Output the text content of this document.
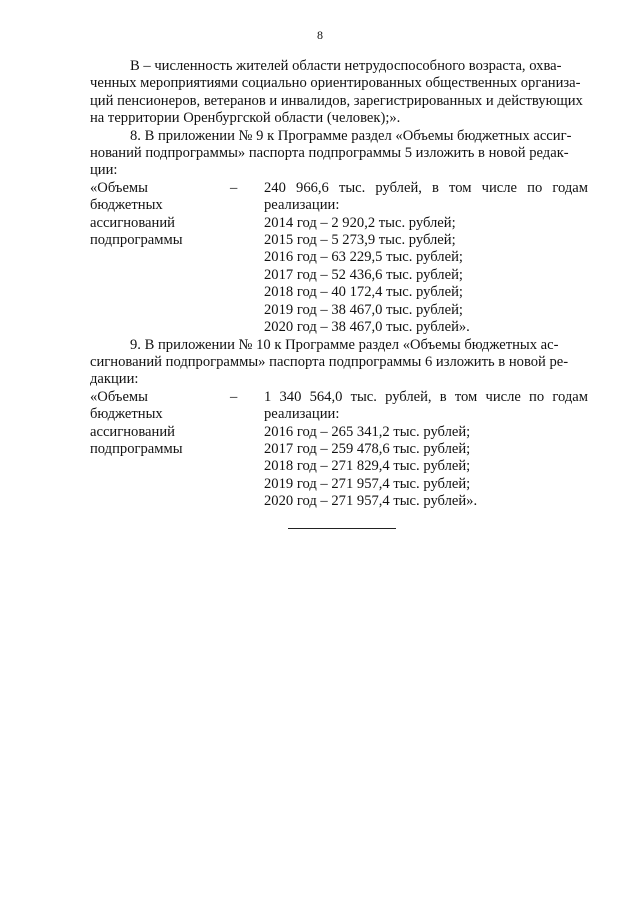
8

В – численность жителей области нетрудоспособного возраста, охва-

ченных мероприятиями социально ориентированных общественных организа-

ций пенсионеров, ветеранов и инвалидов, зарегистрированных и действующих

на территории Оренбургской области (человек);».

8. В приложении № 9 к Программе раздел «Объемы бюджетных ассиг-

нований подпрограммы» паспорта подпрограммы 5 изложить в новой редак-

ции:

«Объемы
бюджетных
ассигнований
подпрограммы
–	240 966,6 тыс. рублей, в том числе по годам
реализации:
2014 год – 2 920,2 тыс. рублей;
2015 год – 5 273,9 тыс. рублей;
2016 год – 63 229,5 тыс. рублей;
2017 год – 52 436,6 тыс. рублей;
2018 год – 40 172,4 тыс. рублей;
2019 год – 38 467,0 тыс. рублей;
2020 год – 38 467,0 тыс. рублей».

9. В приложении № 10 к Программе раздел «Объемы бюджетных ас-

сигнований подпрограммы» паспорта подпрограммы 6 изложить в новой ре-

дакции:

«Объемы
бюджетных
ассигнований
подпрограммы
–	1 340 564,0 тыс. рублей, в том числе по годам
реализации:
2016 год – 265 341,2 тыс. рублей;
2017 год – 259 478,6 тыс. рублей;
2018 год – 271 829,4 тыс. рублей;
2019 год – 271 957,4 тыс. рублей;
2020 год – 271 957,4 тыс. рублей».
